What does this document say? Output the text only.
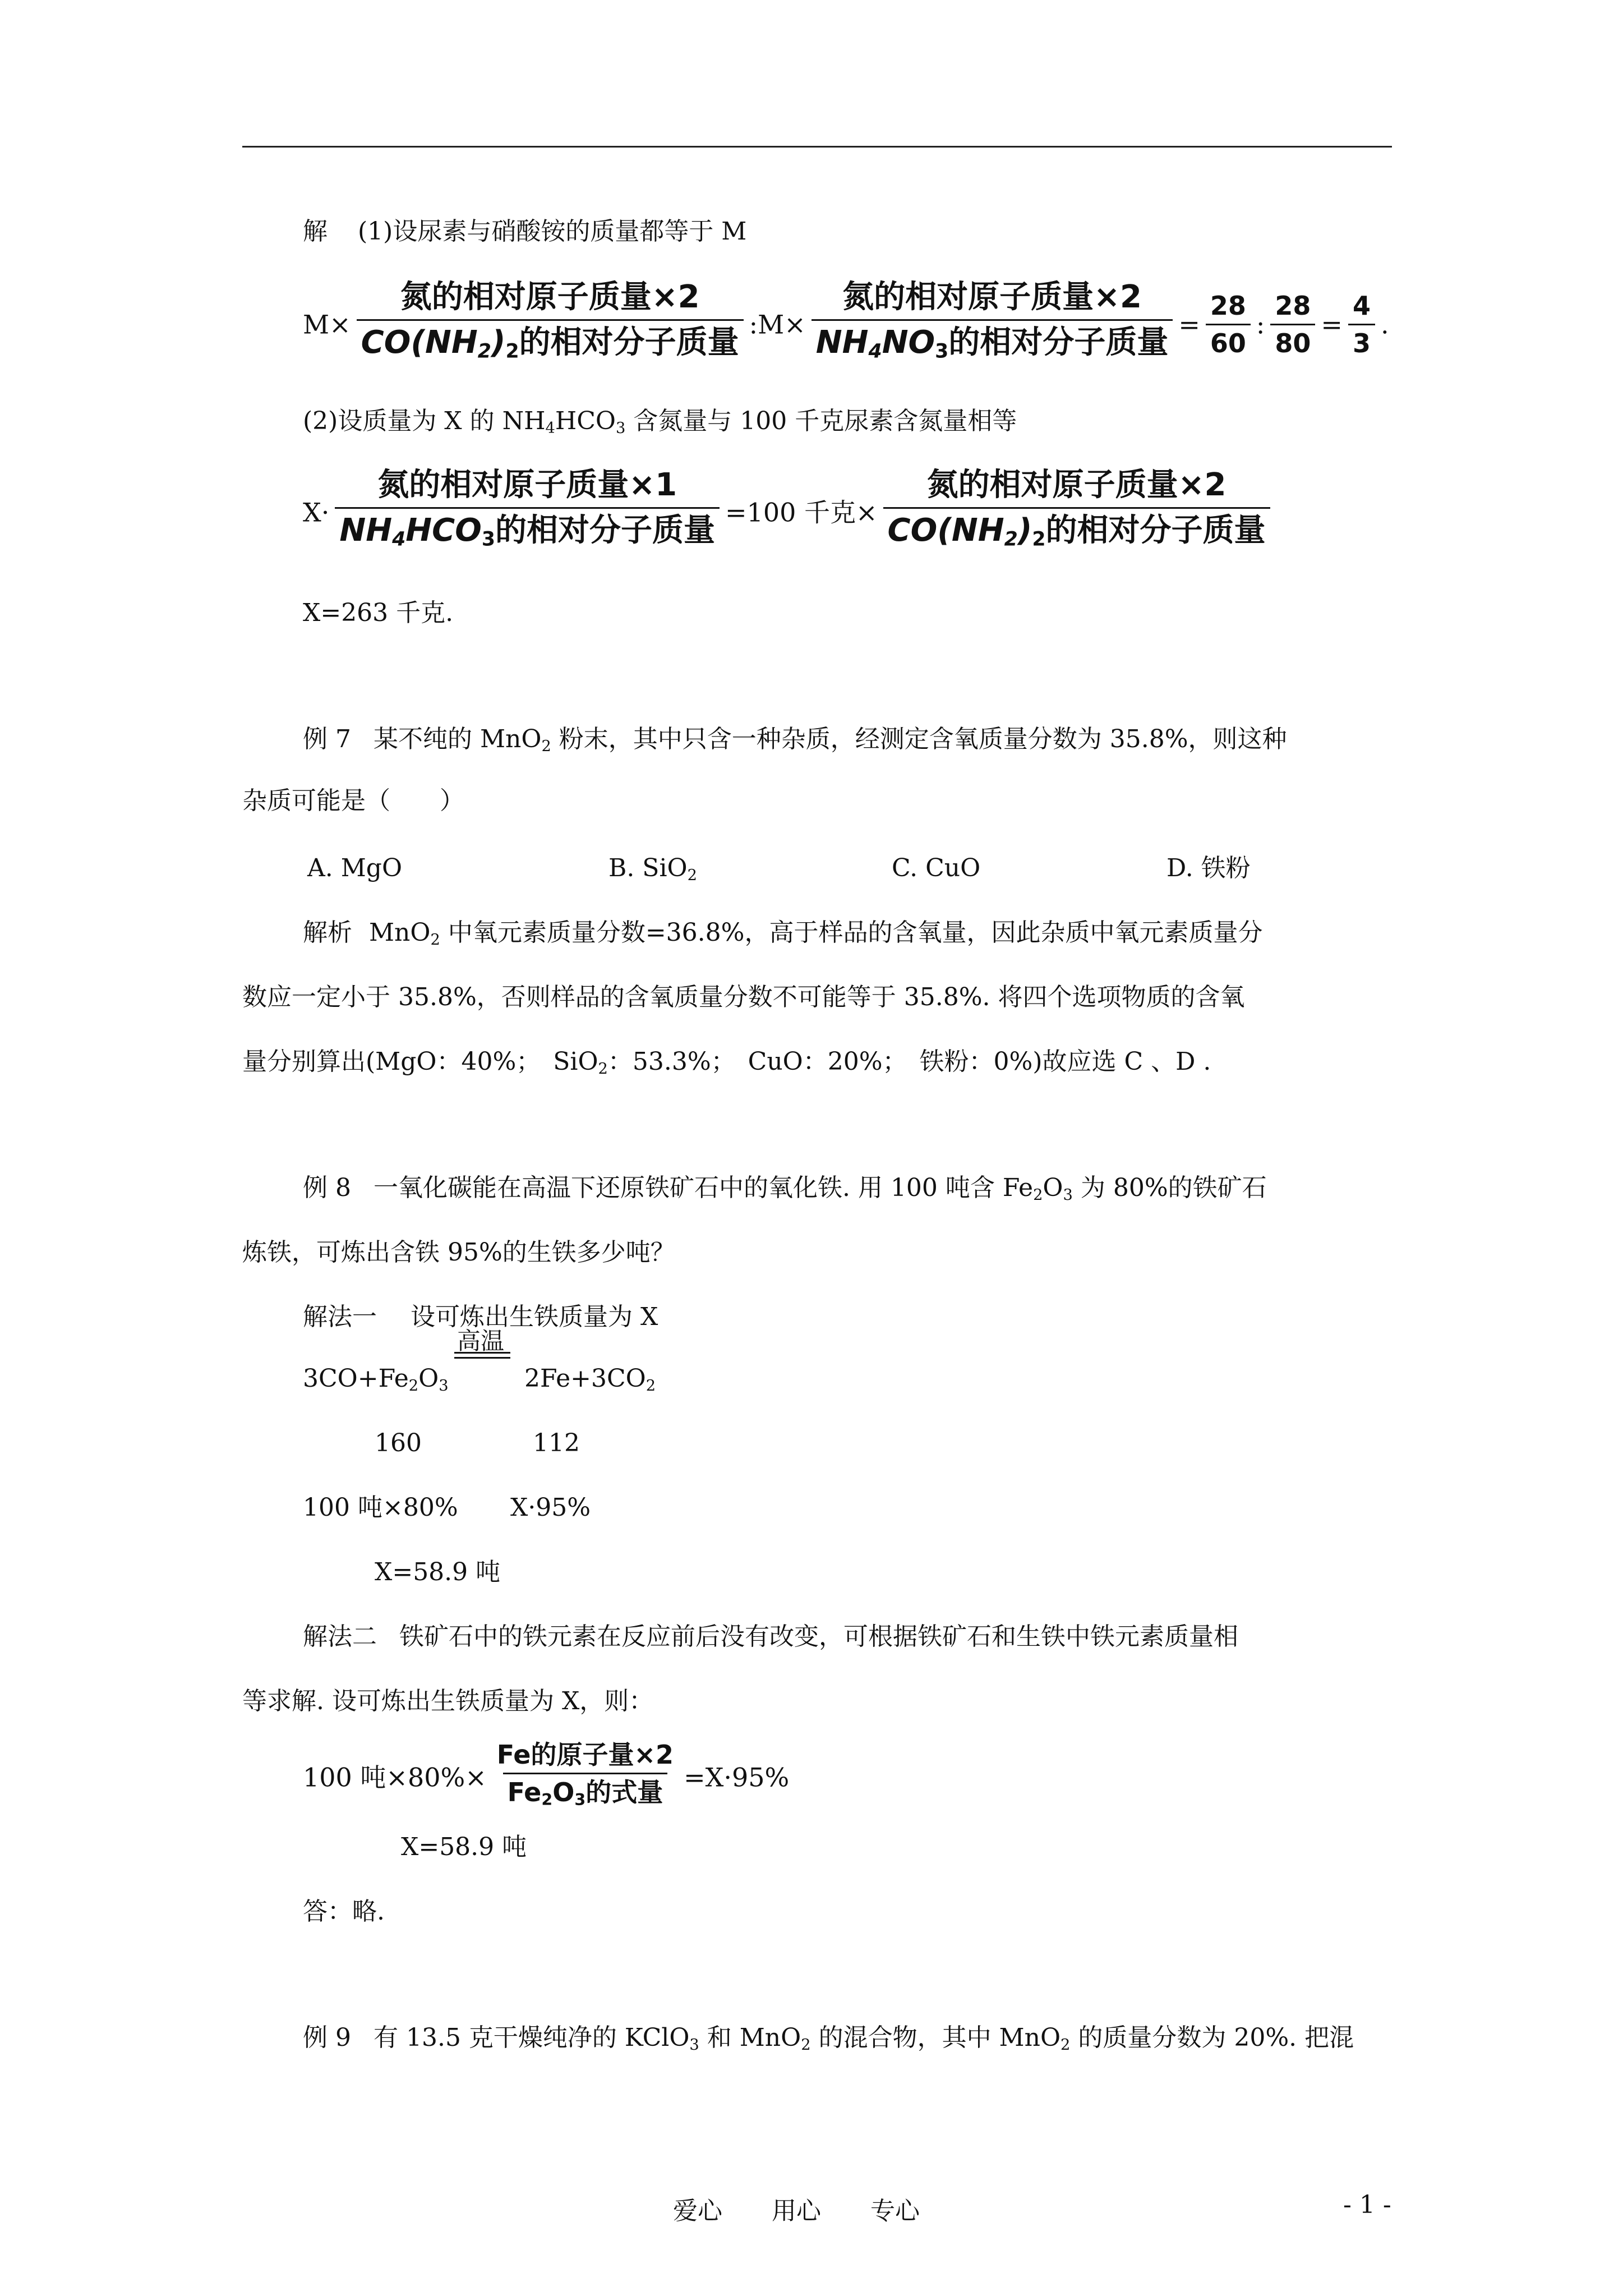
解 (1)设尿素与硝酸铵的质量都等于 M
$M\times \frac{\text{氮的相对原子质量×2}}{CO(NH_2)_2的相对分子质量}$ :M× $\frac{\text{氮的相对原子质量×2}}{NH_4NO_3的相对分子质量} = \frac{28}{60}$ : $\frac{28}{80} = \frac{4}{3}$ .
(2)设质量为 X 的 $NH_4HCO_3$ 含氮量与 100 千克尿素含氮量相等
$X\cdot \frac{\text{氮的相对原子质量×1}}{NH_4HCO_3的相对分子质量} =100$ 千克× $\frac{\text{氮的相对原子质量×2}}{CO(NH_2)_2的相对分子质量}$
X=263 千克.
例 7 某不纯的 MnO$_2$ 粉末，其中只含一种杂质，经测定含氧质量分数为 35.8%，则这种
杂质可能是（　　）
A. MgO	B. SiO$_2$	C. CuO	D. 铁粉
解析 MnO$_2$ 中氧元素质量分数=36.8%，高于样品的含氧量，因此杂质中氧元素质量分
数应一定小于 35.8%，否则样品的含氧质量分数不可能等于 35.8%. 将四个选项物质的含氧
量分别算出(MgO：40%；　SiO$_2$：53.3%；　CuO：20%；　铁粉：0%)故应选 C 、D .
例 8 一氧化碳能在高温下还原铁矿石中的氧化铁. 用 100 吨含 $Fe_2O_3$ 为 80%的铁矿石
炼铁，可炼出含铁 95%的生铁多少吨？
解法一 设可炼出生铁质量为 X
高温
$3CO+Fe_2O_3$	$2Fe+3CO_2$
160	112
100 吨×80% X·95%
X=58.9 吨
解法二 铁矿石中的铁元素在反应前后没有改变，可根据铁矿石和生铁中铁元素质量相
等求解. 设可炼出生铁质量为 X，则：
100 吨$\times 80\%\times \frac{\text{Fe的原子量×2}}{Fe_2O_3的式量} =X\cdot 95\%$
X=58.9 吨
答：略.
例 9 有 13.5 克干燥纯净的 KClO$_3$ 和 MnO$_2$ 的混合物，其中 MnO$_2$ 的质量分数为 20%. 把混
爱心　　用心　　专心	- 1 -
